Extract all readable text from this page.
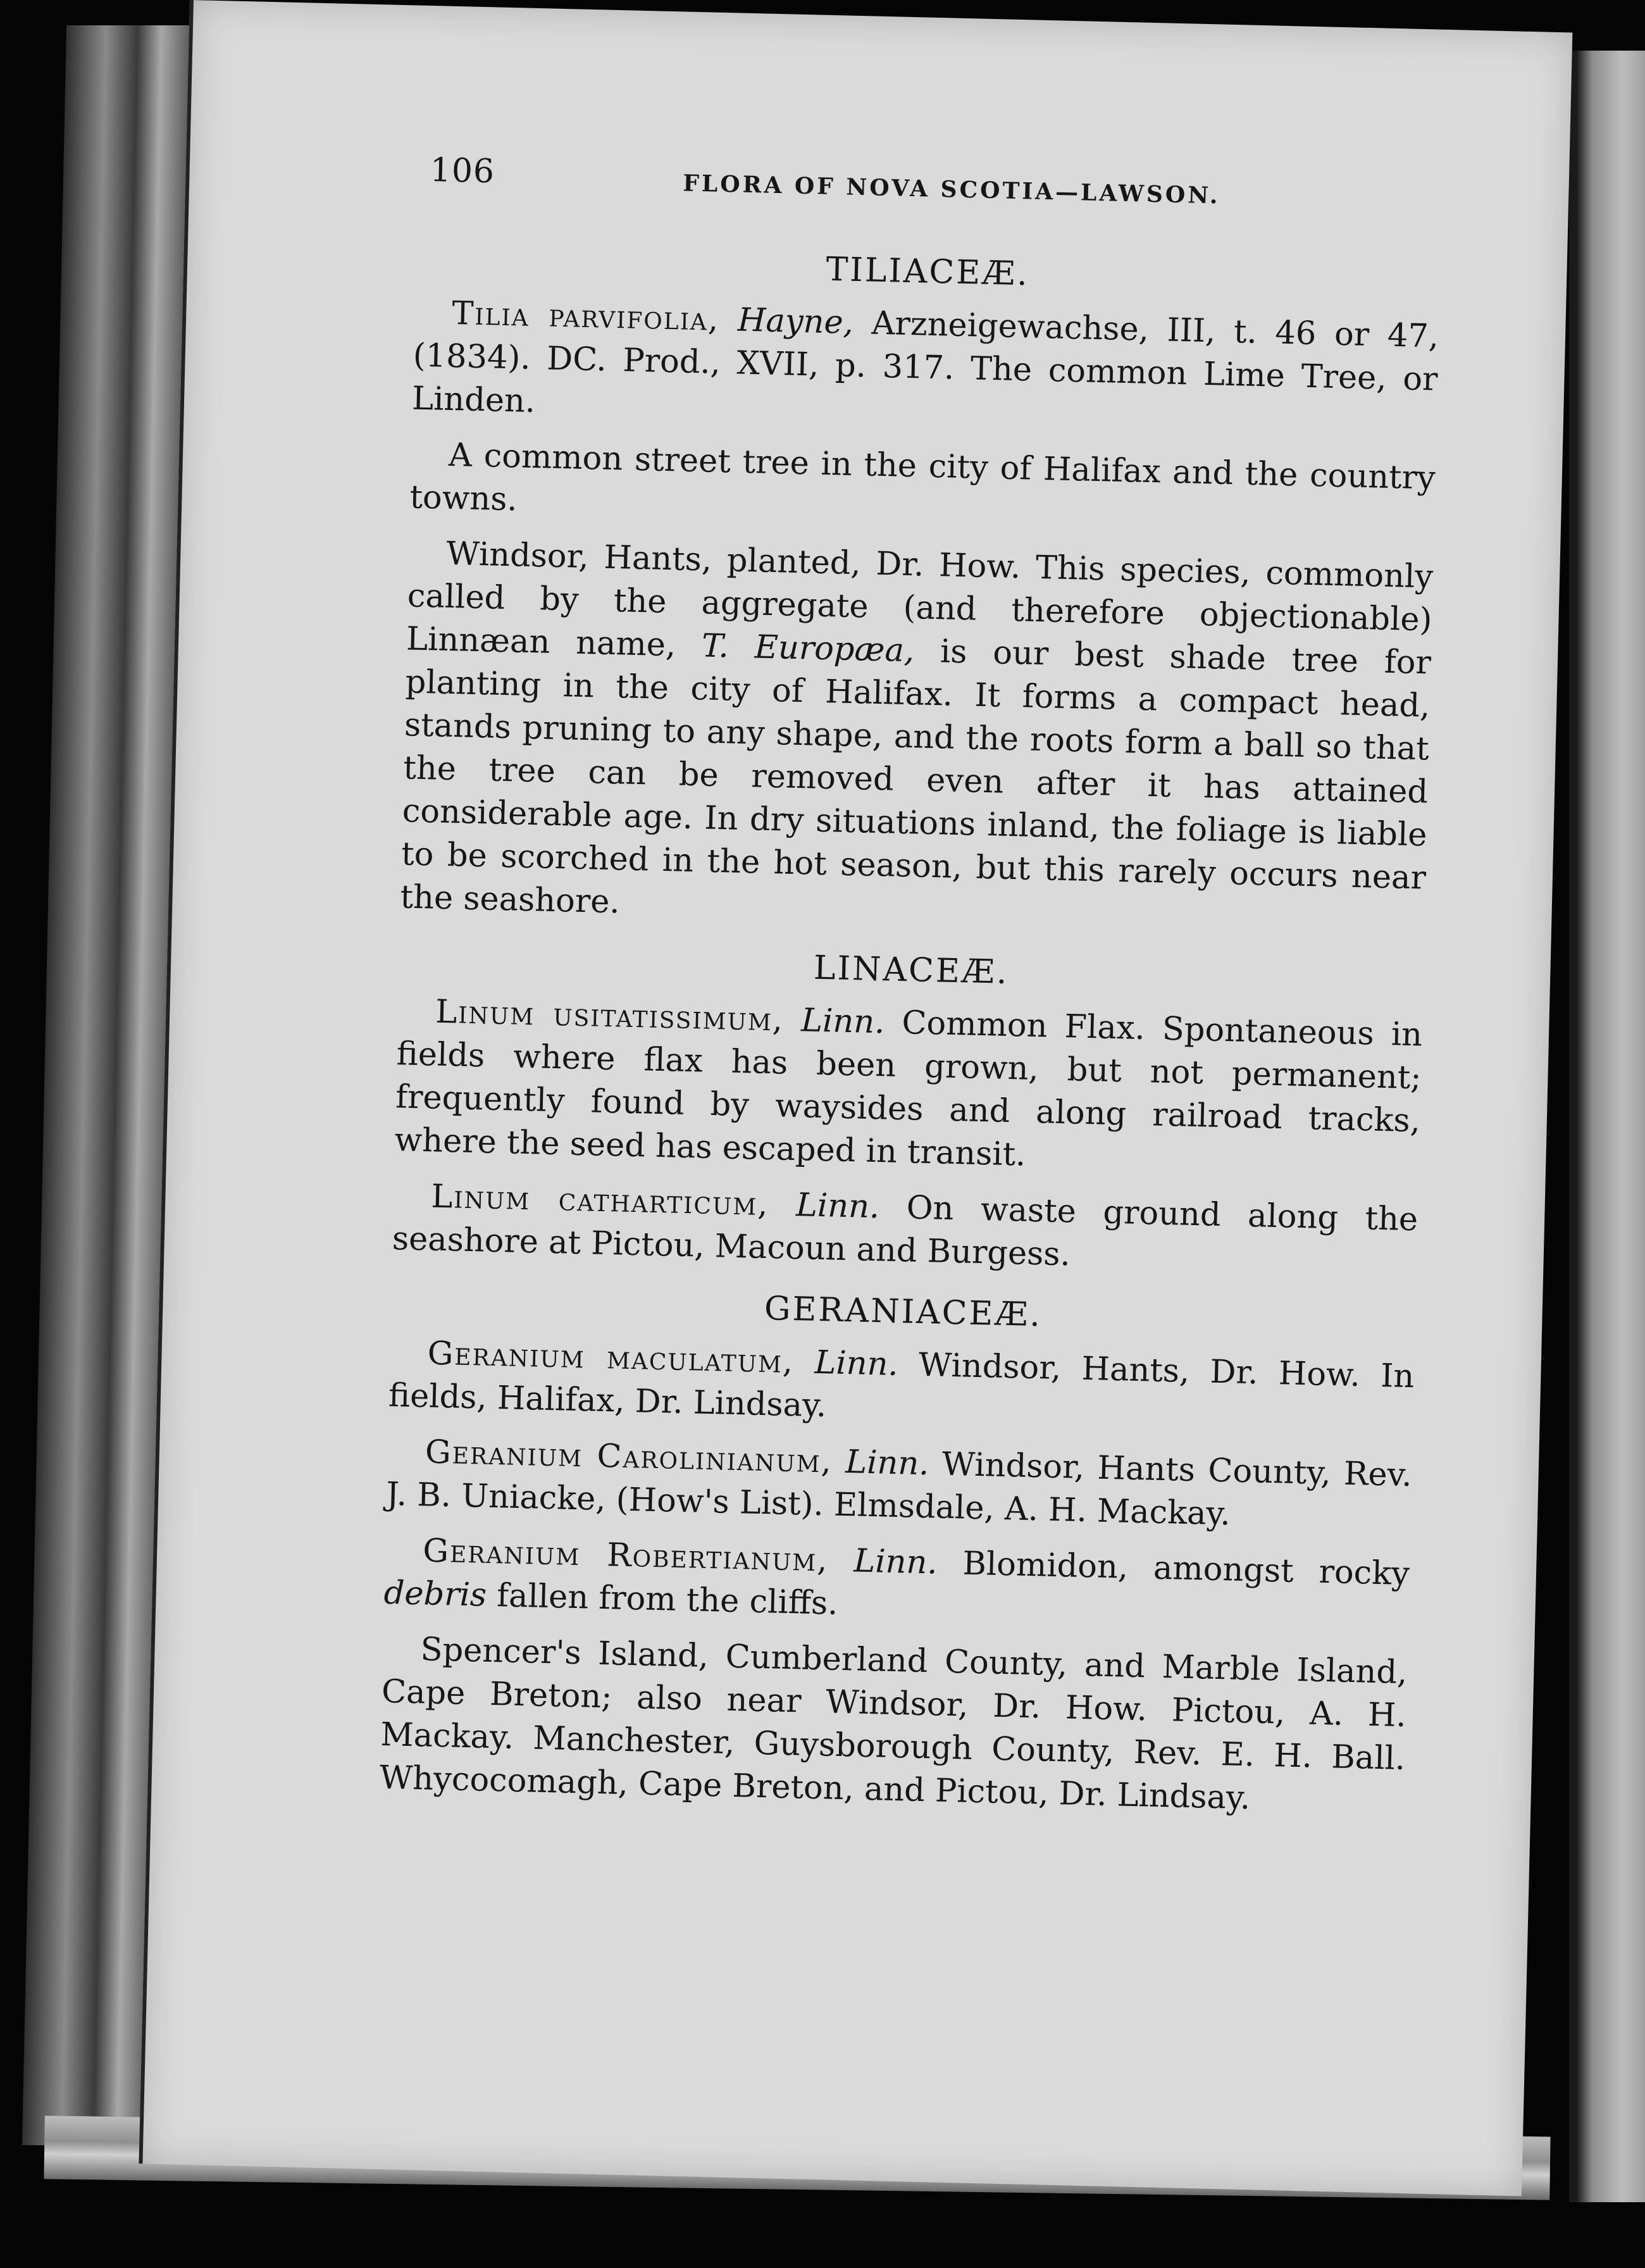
106	FLORA OF NOVA SCOTIA—LAWSON.
TILIACEÆ.

Tilia parvifolia, Hayne, Arzneigewachse, III, t. 46 or 47, (1834). DC. Prod., XVII, p. 317. The common Lime Tree, or Linden.

A common street tree in the city of Halifax and the country towns.

Windsor, Hants, planted, Dr. How. This species, commonly called by the aggregate (and therefore objectionable) Linnæan name, T. Europæa, is our best shade tree for planting in the city of Halifax. It forms a compact head, stands pruning to any shape, and the roots form a ball so that the tree can be removed even after it has attained considerable age. In dry situations inland, the foliage is liable to be scorched in the hot season, but this rarely occurs near the seashore.

LINACEÆ.

Linum usitatissimum, Linn. Common Flax. Spontaneous in fields where flax has been grown, but not permanent; frequently found by waysides and along railroad tracks, where the seed has escaped in transit.

Linum catharticum, Linn. On waste ground along the seashore at Pictou, Macoun and Burgess.

GERANIACEÆ.

Geranium maculatum, Linn. Windsor, Hants, Dr. How. In fields, Halifax, Dr. Lindsay.

Geranium Carolinianum, Linn. Windsor, Hants County, Rev. J. B. Uniacke, (How's List). Elmsdale, A. H. Mackay.

Geranium Robertianum, Linn. Blomidon, amongst rocky debris fallen from the cliffs.

Spencer's Island, Cumberland County, and Marble Island, Cape Breton; also near Windsor, Dr. How. Pictou, A. H. Mackay. Manchester, Guysborough County, Rev. E. H. Ball. Whycocomagh, Cape Breton, and Pictou, Dr. Lindsay.
